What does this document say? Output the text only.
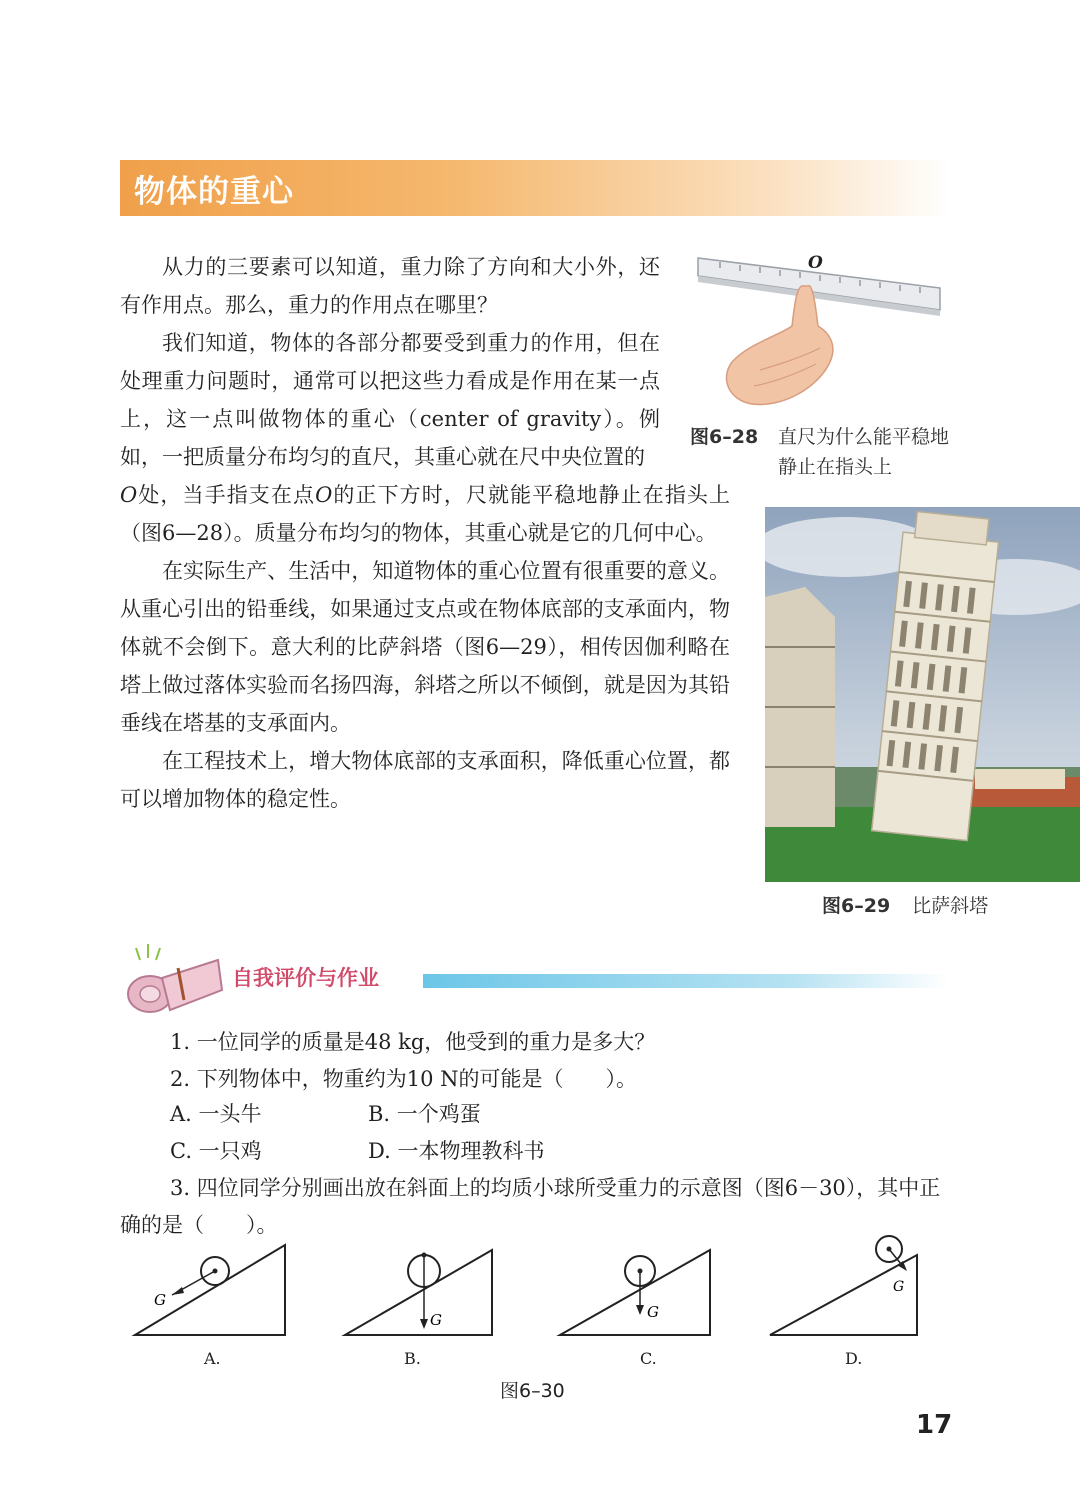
物体的重心

从力的三要素可以知道，重力除了方向和大小外，还有作用点。那么，重力的作用点在哪里？

我们知道，物体的各部分都要受到重力的作用，但在处理重力问题时，通常可以把这些力看成是作用在某一点上，这一点叫做物体的重心（center of gravity）。例如，一把质量分布均匀的直尺，其重心就在尺中央位置的

O处，当手指支在点O的正下方时，尺就能平稳地静止在指头上（图6—28）。质量分布均匀的物体，其重心就是它的几何中心。

在实际生产、生活中，知道物体的重心位置有很重要的意义。从重心引出的铅垂线，如果通过支点或在物体底部的支承面内，物体就不会倒下。意大利的比萨斜塔（图6—29），相传因伽利略在塔上做过落体实验而名扬四海，斜塔之所以不倾倒，就是因为其铅垂线在塔基的支承面内。

在工程技术上，增大物体底部的支承面积，降低重心位置，都可以增加物体的稳定性。

O
图6–28 直尺为什么能平稳地静止在指头上
图6–29 比萨斜塔
自我评价与作业
1. 一位同学的质量是48 kg，他受到的重力是多大？
2. 下列物体中，物重约为10 N的可能是（　　）。
A. 一头牛	B. 一个鸡蛋
C. 一只鸡	D. 一本物理教科书
3. 四位同学分别画出放在斜面上的均质小球所受重力的示意图（图6－30），其中正确的是（　　）。
G
A.
G
B.
G
C.
G
D.
图6–30
17
